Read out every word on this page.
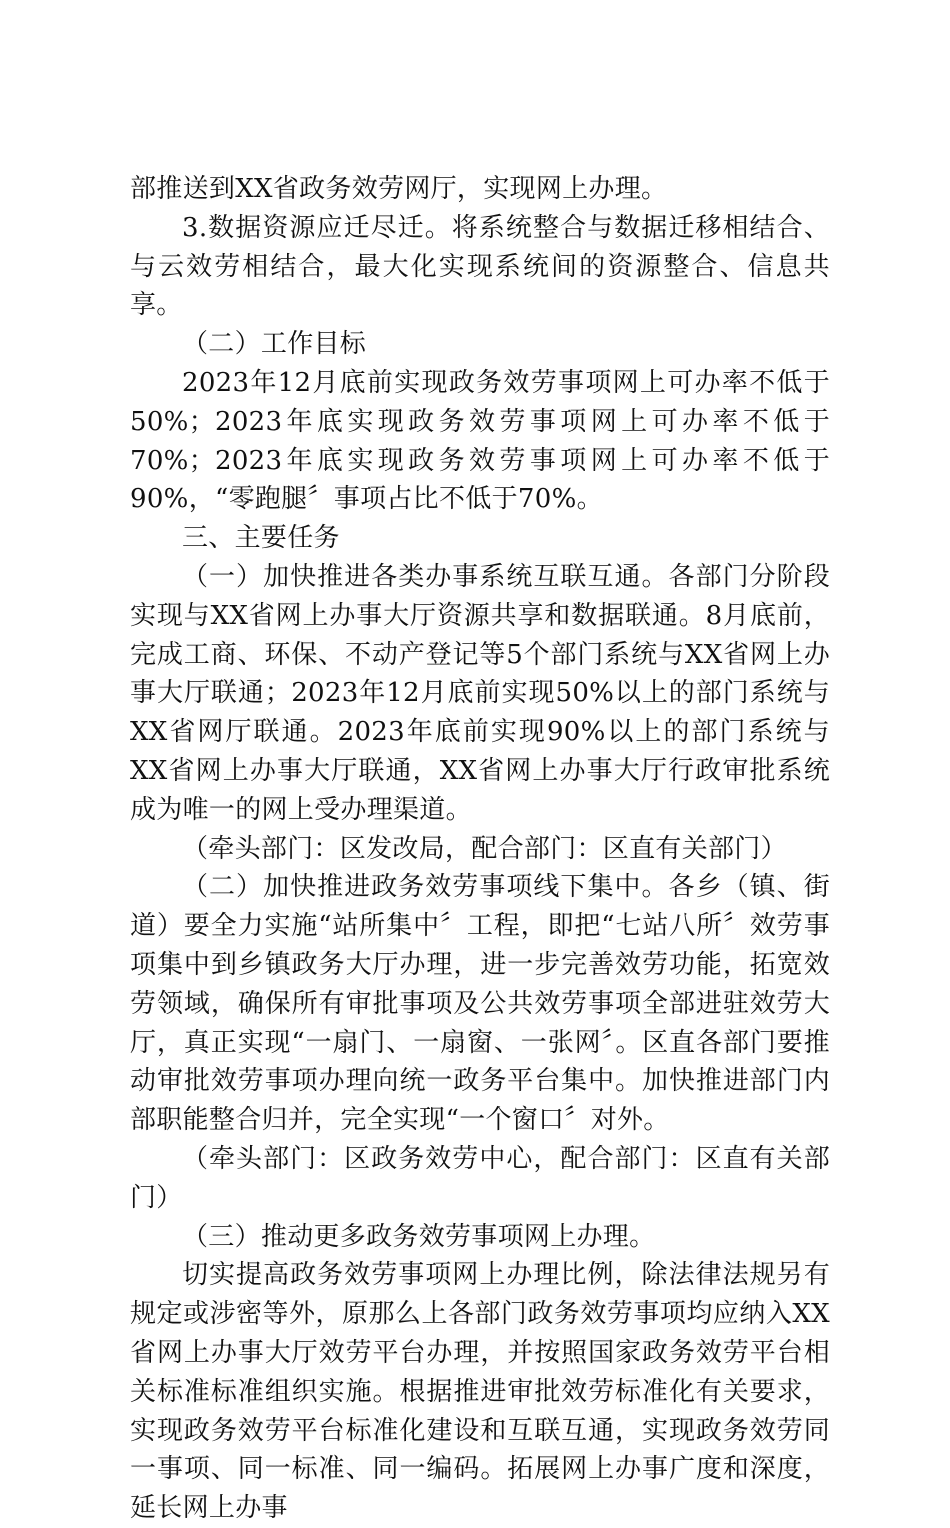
部推送到XX省政务效劳网厅，实现网上办理。

3.数据资源应迁尽迁。将系统整合与数据迁移相结合、与云效劳相结合，最大化实现系统间的资源整合、信息共享。

（二）工作目标

2023年12月底前实现政务效劳事项网上可办率不低于50%；2023年底实现政务效劳事项网上可办率不低于70%；2023年底实现政务效劳事项网上可办率不低于90%，“零跑腿〞事项占比不低于70%。

三、主要任务

（一）加快推进各类办事系统互联互通。各部门分阶段实现与XX省网上办事大厅资源共享和数据联通。8月底前，完成工商、环保、不动产登记等5个部门系统与XX省网上办事大厅联通；2023年12月底前实现50%以上的部门系统与XX省网厅联通。2023年底前实现90%以上的部门系统与XX省网上办事大厅联通，XX省网上办事大厅行政审批系统成为唯一的网上受办理渠道。

（牵头部门：区发改局，配合部门：区直有关部门）

（二）加快推进政务效劳事项线下集中。各乡（镇、街道）要全力实施“站所集中〞工程，即把“七站八所〞效劳事项集中到乡镇政务大厅办理，进一步完善效劳功能，拓宽效劳领域，确保所有审批事项及公共效劳事项全部进驻效劳大厅，真正实现“一扇门、一扇窗、一张网〞。区直各部门要推动审批效劳事项办理向统一政务平台集中。加快推进部门内部职能整合归并，完全实现“一个窗口〞对外。

（牵头部门：区政务效劳中心，配合部门：区直有关部门）

（三）推动更多政务效劳事项网上办理。

切实提高政务效劳事项网上办理比例，除法律法规另有规定或涉密等外，原那么上各部门政务效劳事项均应纳入XX省网上办事大厅效劳平台办理，并按照国家政务效劳平台相关标准标准组织实施。根据推进审批效劳标准化有关要求，实现政务效劳平台标准化建设和互联互通，实现政务效劳同一事项、同一标准、同一编码。拓展网上办事广度和深度，延长网上办事
